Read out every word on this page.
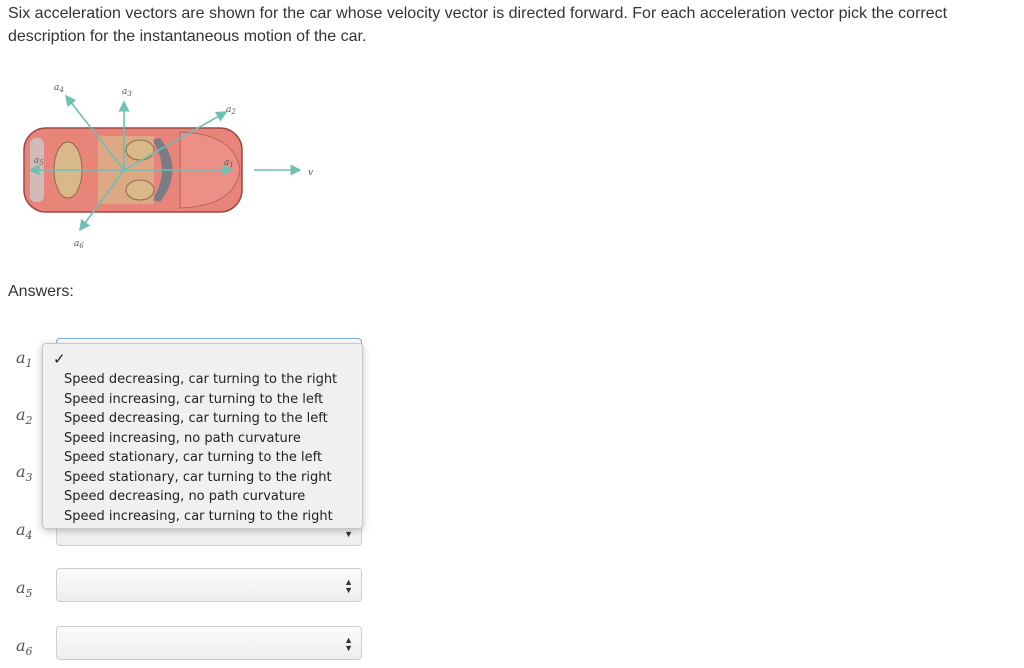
Six acceleration vectors are shown for the car whose velocity vector is directed forward. For each acceleration vector pick the correct description for the instantaneous motion of the car.
$a_1$
$a_2$
$a_3$
$a_4$
$a_5$
$a_6$
v
Answers:
$a_1$
$a_2$
$a_3$
$a_4$
$a_5$
$a_6$

▼
▲
▼
▲
▼
✓
Speed decreasing, car turning to the right
Speed increasing, car turning to the left
Speed decreasing, car turning to the left
Speed increasing, no path curvature
Speed stationary, car turning to the left
Speed stationary, car turning to the right
Speed decreasing, no path curvature
Speed increasing, car turning to the right
